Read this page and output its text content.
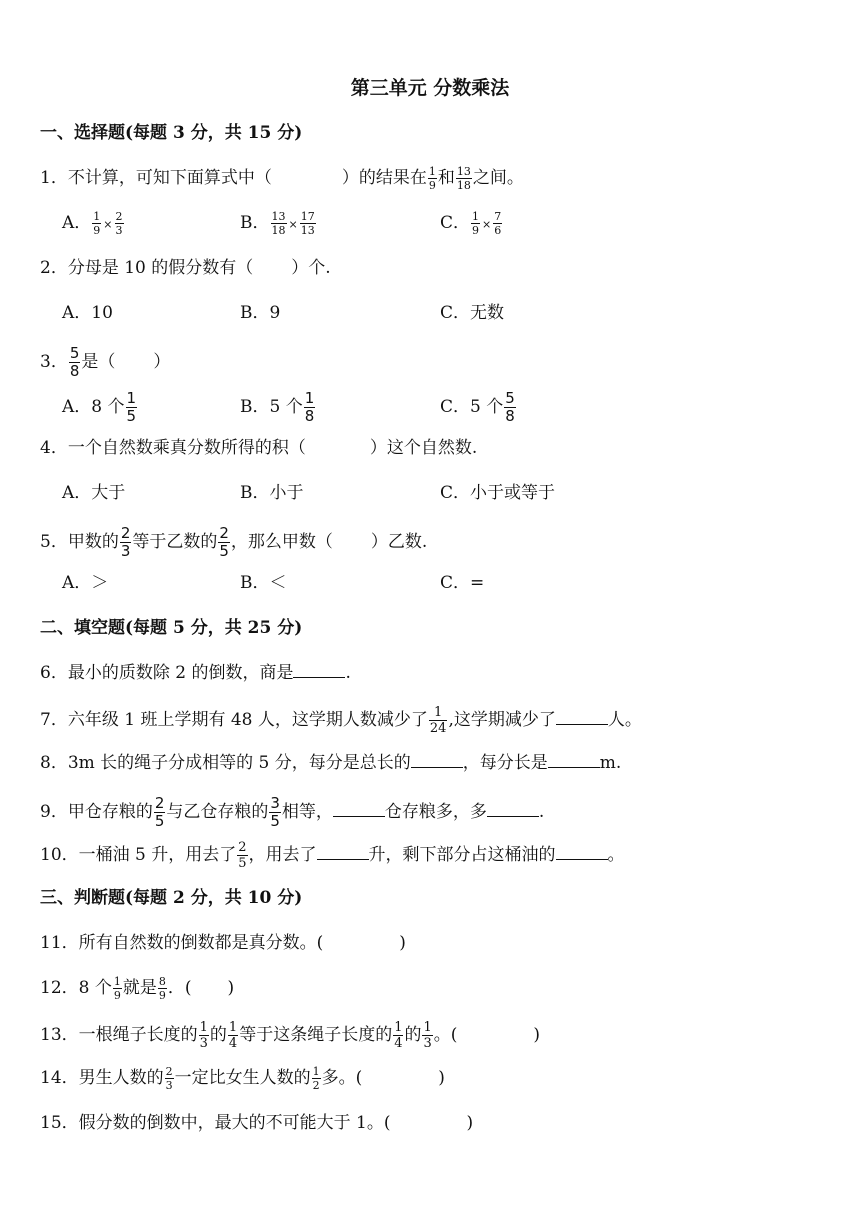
第三单元 分数乘法
一、选择题(每题 3 分，共 15 分)
1．不计算，可知下面算式中（	）的结果在 $\frac{1}{9}$ 和 $\frac{13}{18}$ 之间。
A． $\frac{1}{9} \times \frac{2}{3}$	B． $\frac{13}{18} \times \frac{17}{13}$	C． $\frac{1}{9} \times \frac{7}{6}$
2．分母是 10 的假分数有（ ）个.
A．10	B．9	C．无数
3． $\frac{5}{8}$ 是（ ）
A．8 个 $\frac{1}{5}$	B．5 个 $\frac{1}{8}$	C．5 个 $\frac{5}{8}$
4．一个自然数乘真分数所得的积（	）这个自然数.
A．大于	B．小于	C．小于或等于
5．甲数的 $\frac{2}{3}$ 等于乙数的 $\frac{2}{5}$ ，那么甲数（ ）乙数.
A．＞	B．＜	C．=
二、填空题(每题 5 分，共 25 分)
6．最小的质数除 2 的倒数，商是	.
7．六年级 1 班上学期有 48 人，这学期人数减少了 $\frac{1}{24}$ ,这学期减少了	人。
8．3m 长的绳子分成相等的 5 分，每分是总长的	，每分长是	m.
9．甲仓存粮的 $\frac{2}{5}$ 与乙仓存粮的 $\frac{3}{5}$ 相等，	仓存粮多，多	.
10．一桶油 5 升，用去了 $\frac{2}{5}$ ，用去了	升，剩下部分占这桶油的	。
三、判断题(每题 2 分，共 10 分)
11．所有自然数的倒数都是真分数。(	)
12．8 个 $\frac{1}{9}$ 就是 $\frac{8}{9}$ ．( )
13．一根绳子长度的 $\frac{1}{3}$ 的 $\frac{1}{4}$ 等于这条绳子长度的 $\frac{1}{4}$ 的 $\frac{1}{3}$ 。(	)
14．男生人数的 $\frac{2}{3}$ 一定比女生人数的 $\frac{1}{2}$ 多。(	)
15．假分数的倒数中，最大的不可能大于 1。(	)
